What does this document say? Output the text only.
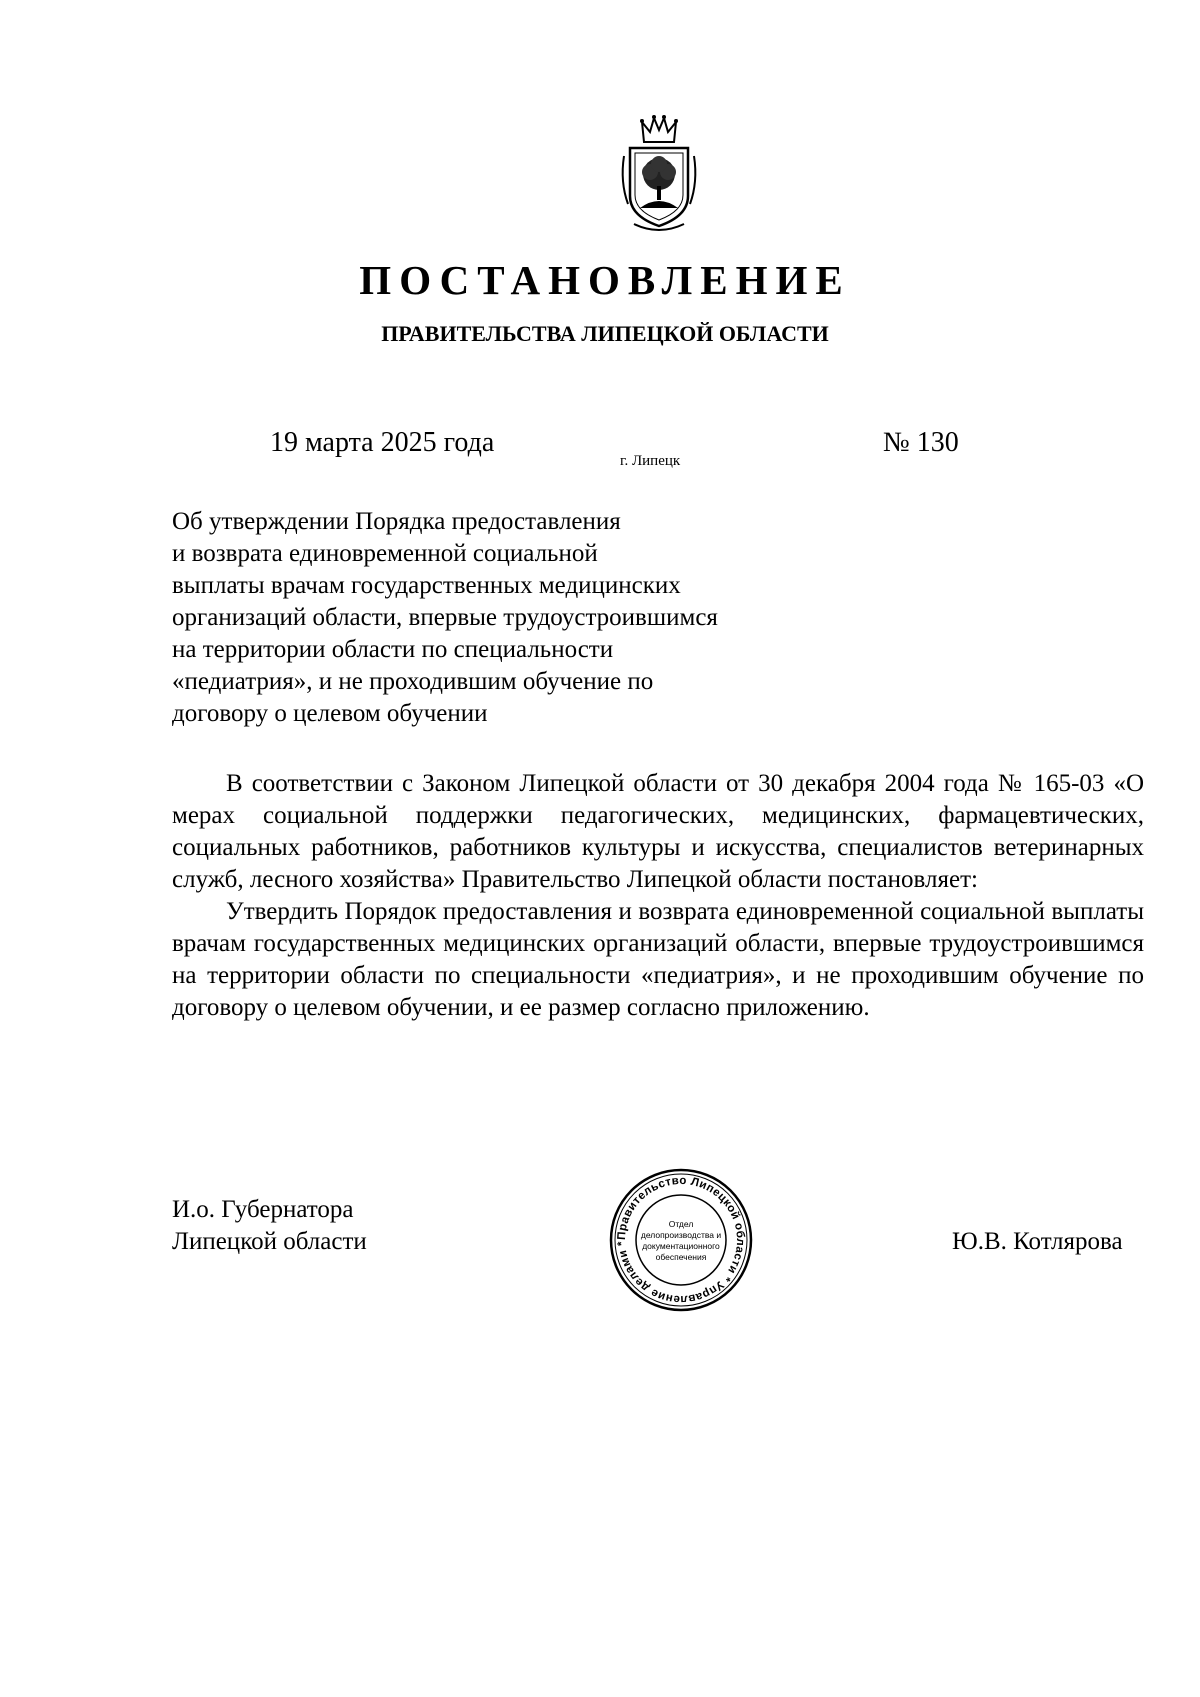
ПОСТАНОВЛЕНИЕ
ПРАВИТЕЛЬСТВА ЛИПЕЦКОЙ ОБЛАСТИ
19 марта 2025 года
г. Липецк
№ 130
Об утверждении Порядка предоставления
и возврата единовременной социальной
выплаты врачам государственных медицинских
организаций области, впервые трудоустроившимся
на территории области по специальности
«педиатрия», и не проходившим обучение по
договору о целевом обучении

В соответствии с Законом Липецкой области от 30 декабря 2004 года № 165-03 «О мерах социальной поддержки педагогических, медицинских, фармацевтических, социальных работников, работников культуры и искусства, специалистов ветеринарных служб, лесного хозяйства» Правительство Липецкой области постановляет:

Утвердить Порядок предоставления и возврата единовременной социальной выплаты врачам государственных медицинских организаций области, впервые трудоустроившимся на территории области по специальности «педиатрия», и не проходившим обучение по договору о целевом обучении, и ее размер согласно приложению.

И.о. Губернатора
Липецкой области	Правительство Липецкой области * Управление делами *
Отдел
делопроизводства и
документационного
обеспечения
Ю.В. Котлярова
